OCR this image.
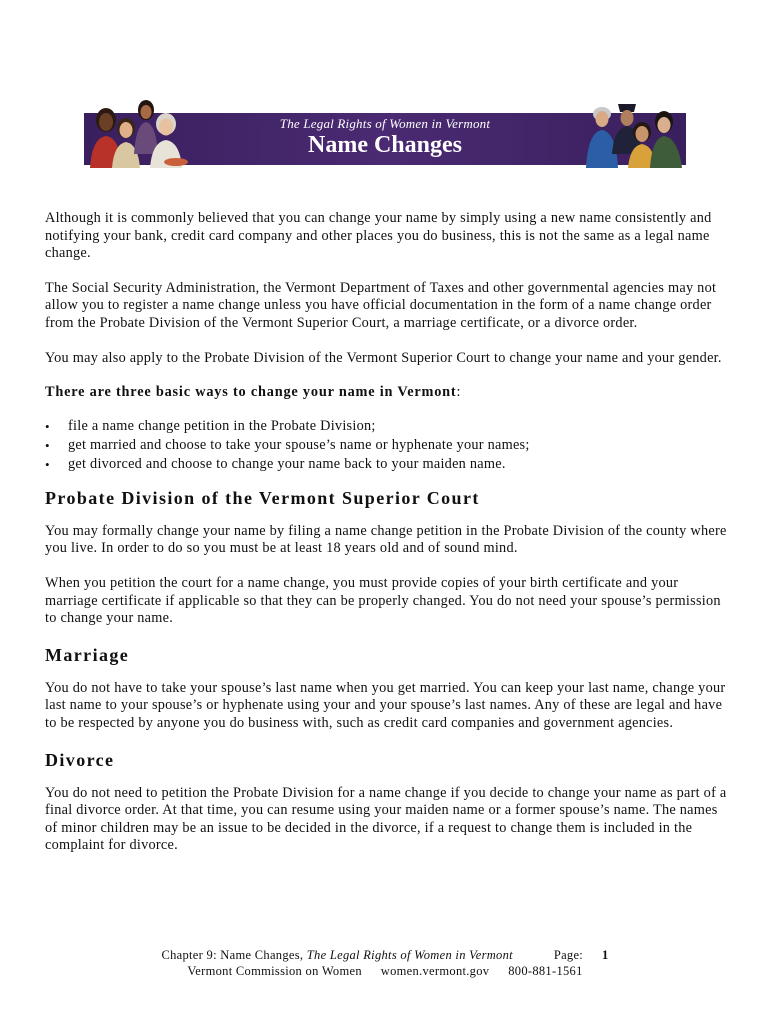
The Legal Rights of Women in Vermont
Name Changes

Although it is commonly believed that you can change your name by simply using a new name consistently and notifying your bank, credit card company and other places you do business, this is not the same as a legal name change.

The Social Security Administration, the Vermont Department of Taxes and other governmental agencies may not allow you to register a name change unless you have official documentation in the form of a name change order from the Probate Division of the Vermont Superior Court, a marriage certificate, or a divorce order.

You may also apply to the Probate Division of the Vermont Superior Court to change your name and your gender.

There are three basic ways to change your name in Vermont:

• file a name change petition in the Probate Division;
• get married and choose to take your spouse’s name or hyphenate your names;
• get divorced and choose to change your name back to your maiden name.
Probate Division of the Vermont Superior Court

You may formally change your name by filing a name change petition in the Probate Division of the county where you live. In order to do so you must be at least 18 years old and of sound mind.

When you petition the court for a name change, you must provide copies of your birth certificate and your marriage certificate if applicable so that they can be properly changed. You do not need your spouse’s permission to change your name.

Marriage

You do not have to take your spouse’s last name when you get married. You can keep your last name, change your last name to your spouse’s or hyphenate using your and your spouse’s last names. Any of these are legal and have to be respected by anyone you do business with, such as credit card companies and government agencies.

Divorce

You do not need to petition the Probate Division for a name change if you decide to change your name as part of a final divorce order. At that time, you can resume using your maiden name or a former spouse’s name. The names of minor children may be an issue to be decided in the divorce, if a request to change them is included in the complaint for divorce.

Chapter 9: Name Changes, The Legal Rights of Women in Vermont	Page: 1
Vermont Commission on Women women.vermont.gov 800-881-1561
